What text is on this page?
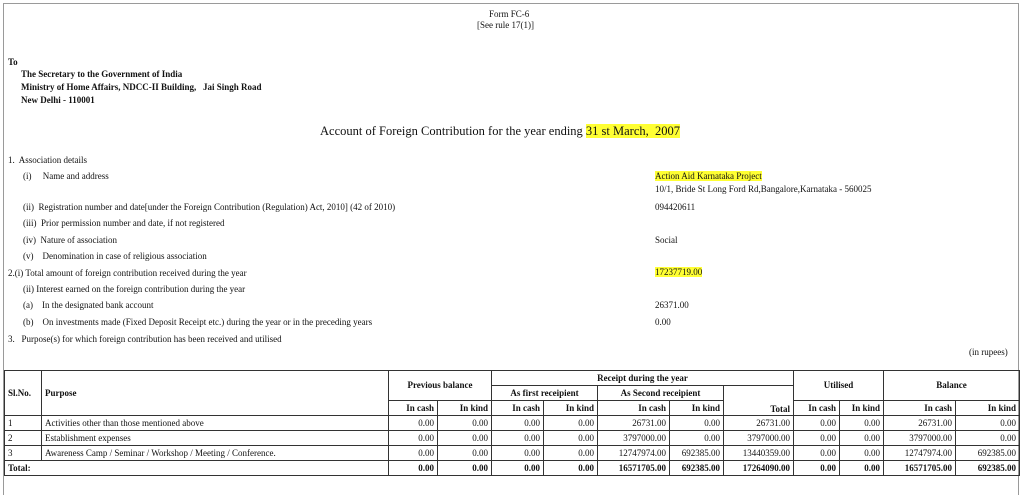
Form FC-6
[See rule 17(1)]
To
The Secretary to the Government of India
Ministry of Home Affairs, NDCC-II Building,   Jai Singh Road
New Delhi - 110001
Account of Foreign Contribution for the year ending 31 st March,  2007
1.  Association details
(i)     Name and address	Action Aid Karnataka Project
10/1, Bride St Long Ford Rd,Bangalore,Karnataka - 560025
(ii)  Registration number and date[under the Foreign Contribution (Regulation) Act, 2010] (42 of 2010)	094420611
(iii)  Prior permission number and date, if not registered
(iv)  Nature of association	Social
(v)    Denomination in case of religious association
2.(i) Total amount of foreign contribution received during the year	17237719.00
(ii) Interest earned on the foreign contribution during the year
(a)    In the designated bank account	26371.00
(b)    On investments made (Fixed Deposit Receipt etc.) during the year or in the preceding years	0.00
3.   Purpose(s) for which foreign contribution has been received and utilised
(in rupees)
Sl.No.	Purpose	Previous balance		Receipt during the year					Utilised		Balance	
				As first receipient		As Second receipient		Total				
		In cash	In kind	In cash	In kind	In cash	In kind		In cash	In kind	In cash	In kind
1	Activities other than those mentioned above	0.00	0.00	0.00	0.00	26731.00	0.00	26731.00	0.00	0.00	26731.00	0.00
2	Establishment expenses	0.00	0.00	0.00	0.00	3797000.00	0.00	3797000.00	0.00	0.00	3797000.00	0.00
3	Awareness Camp / Seminar / Workshop / Meeting / Conference.	0.00	0.00	0.00	0.00	12747974.00	692385.00	13440359.00	0.00	0.00	12747974.00	692385.00
Total:		0.00	0.00	0.00	0.00	16571705.00	692385.00	17264090.00	0.00	0.00	16571705.00	692385.00
